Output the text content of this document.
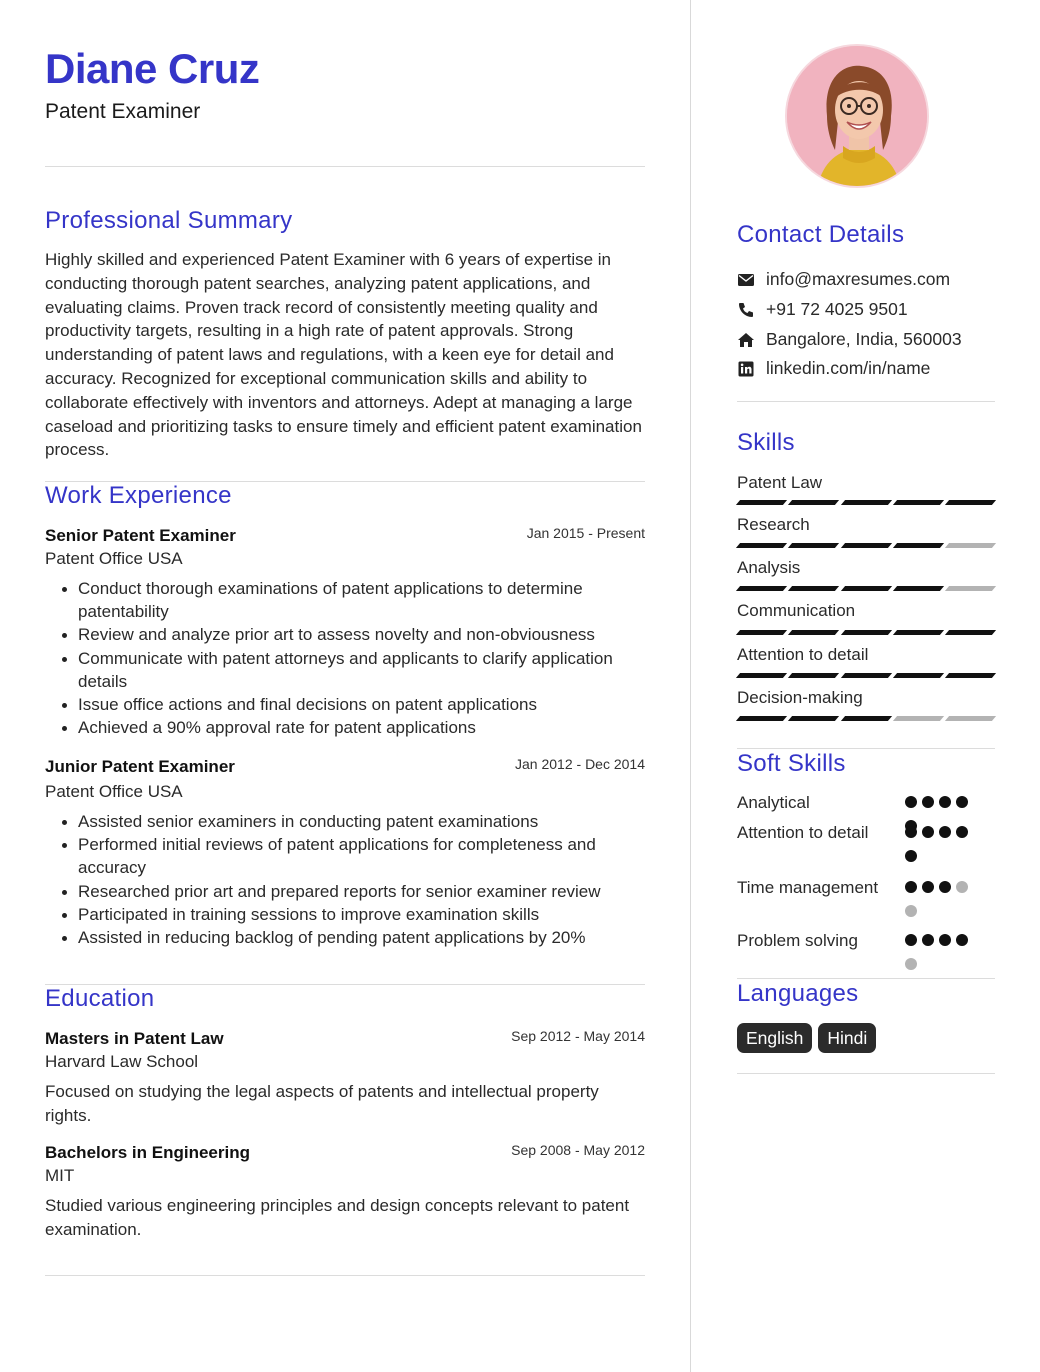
Diane Cruz
Patent Examiner
Professional Summary
Highly skilled and experienced Patent Examiner with 6 years of expertise in conducting thorough patent searches, analyzing patent applications, and evaluating claims. Proven track record of consistently meeting quality and productivity targets, resulting in a high rate of patent approvals. Strong understanding of patent laws and regulations, with a keen eye for detail and accuracy. Recognized for exceptional communication skills and ability to collaborate effectively with inventors and attorneys. Adept at managing a large caseload and prioritizing tasks to ensure timely and efficient patent examination process.
Work Experience
Senior Patent Examiner	Jan 2015 - Present
Patent Office USA
Conduct thorough examinations of patent applications to determine patentability
Review and analyze prior art to assess novelty and non-obviousness
Communicate with patent attorneys and applicants to clarify application details
Issue office actions and final decisions on patent applications
Achieved a 90% approval rate for patent applications
Junior Patent Examiner	Jan 2012 - Dec 2014
Patent Office USA
Assisted senior examiners in conducting patent examinations
Performed initial reviews of patent applications for completeness and accuracy
Researched prior art and prepared reports for senior examiner review
Participated in training sessions to improve examination skills
Assisted in reducing backlog of pending patent applications by 20%
Education
Masters in Patent Law	Sep 2012 - May 2014
Harvard Law School
Focused on studying the legal aspects of patents and intellectual property rights.
Bachelors in Engineering	Sep 2008 - May 2012
MIT
Studied various engineering principles and design concepts relevant to patent examination.
Contact Details
info@maxresumes.com
+91 72 4025 9501
Bangalore, India, 560003
linkedin.com/in/name
Skills
Patent Law
Research
Analysis
Communication
Attention to detail
Decision-making
Soft Skills
Analytical
Attention to detail
Time management
Problem solving
Languages
English	Hindi
